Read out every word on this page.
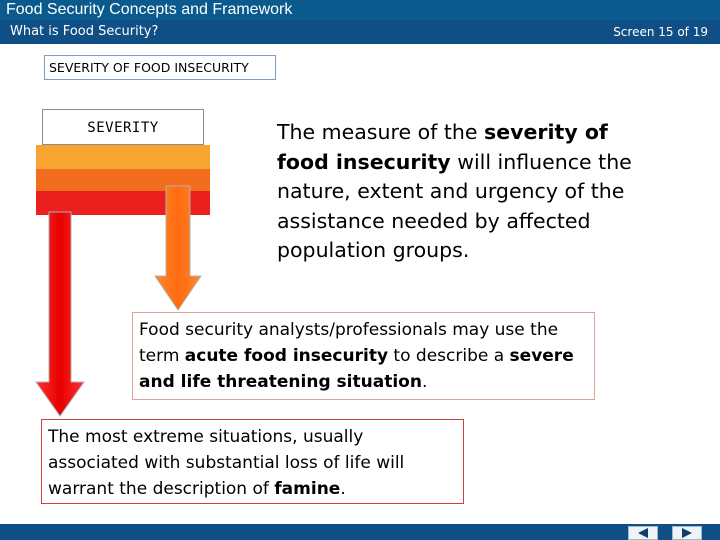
Food Security Concepts and Framework
What is Food Security?	Screen 15 of 19
SEVERITY OF FOOD INSECURITY
SEVERITY	The measure of the severity of food insecurity will influence the nature, extent and urgency of the assistance needed by affected population groups.
Food security analysts/professionals may use the term acute food insecurity to describe a severe and life threatening situation.
The most extreme situations, usually associated with substantial loss of life will warrant the description of famine.
